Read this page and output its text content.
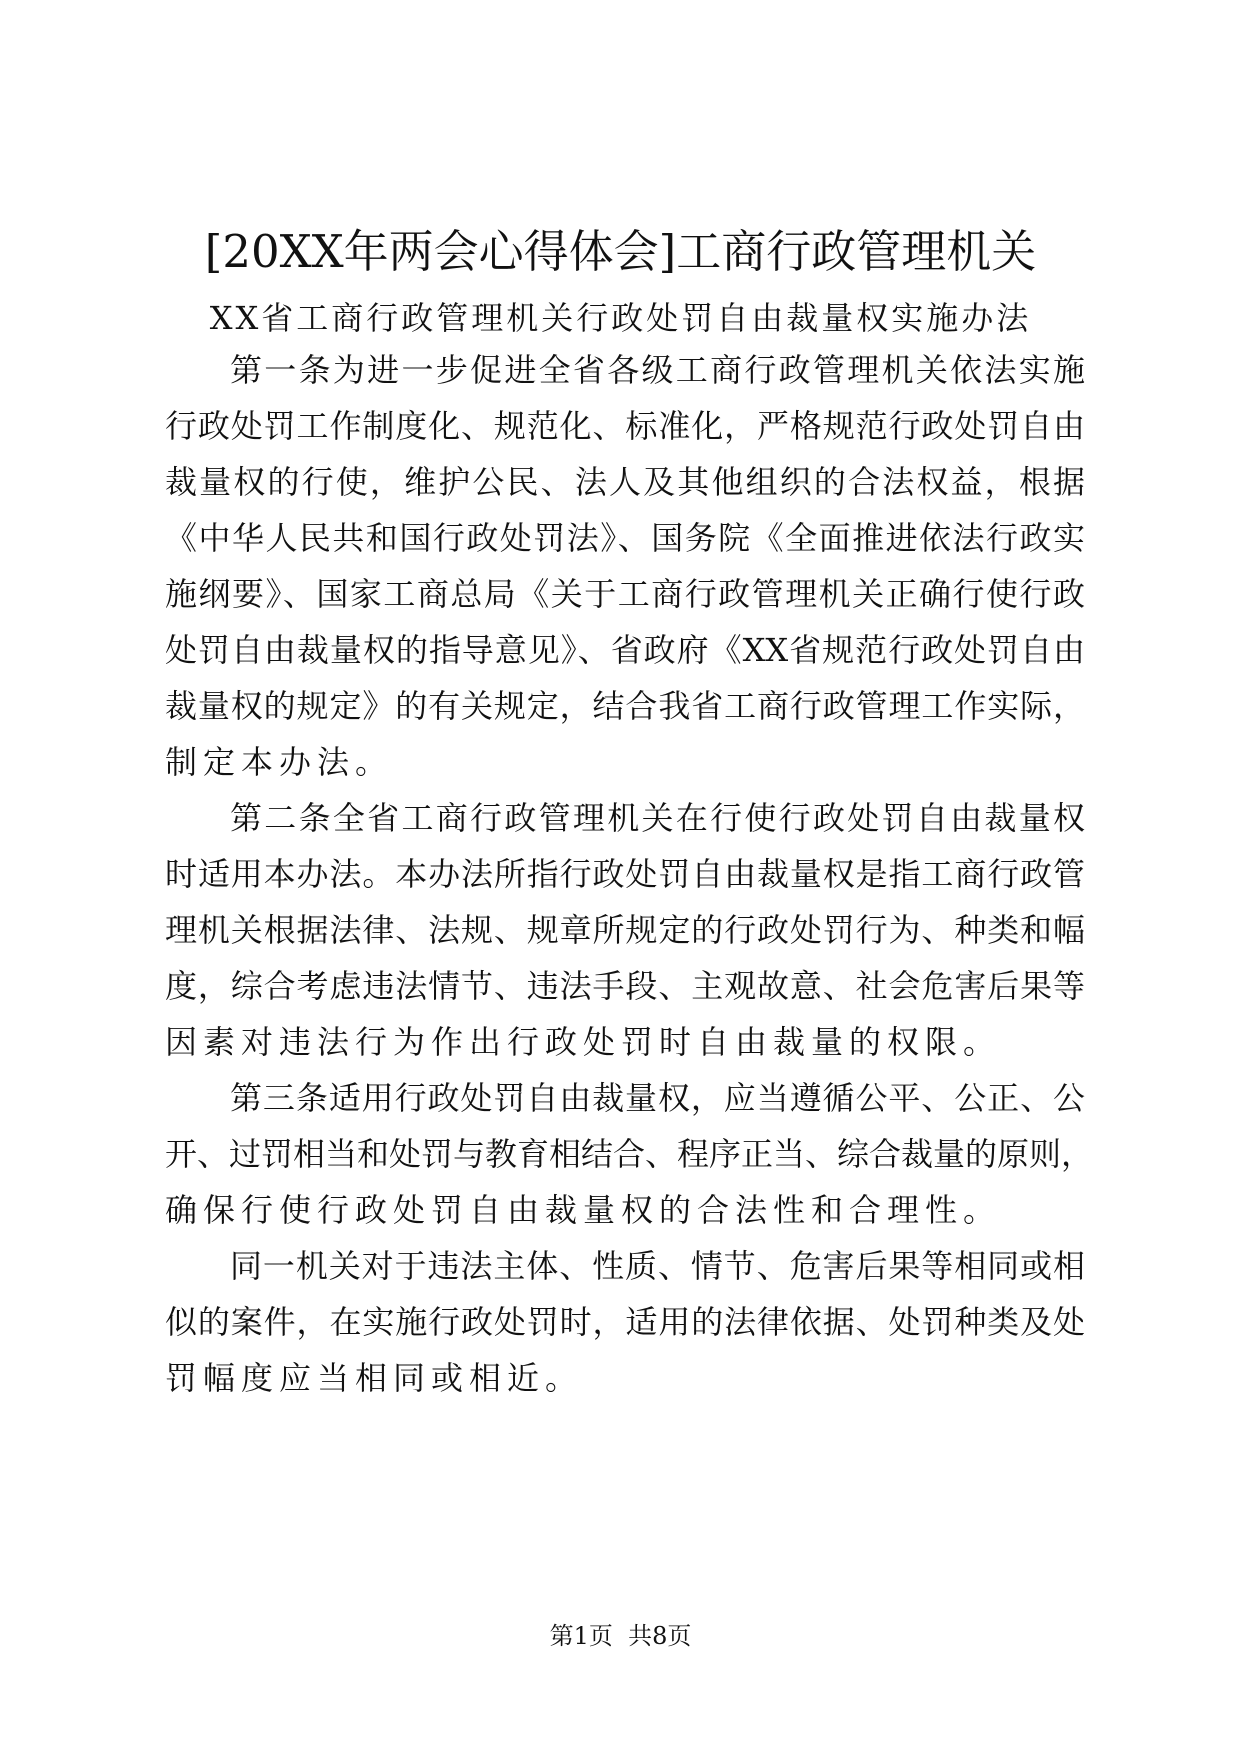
[20XX年两会心得体会]工商行政管理机关

XX省工商行政管理机关行政处罚自由裁量权实施办法

第一条为进一步促进全省各级工商行政管理机关依法实施

行政处罚工作制度化、规范化、标准化，严格规范行政处罚自由

裁量权的行使，维护公民、法人及其他组织的合法权益，根据

《中华人民共和国行政处罚法》、国务院《全面推进依法行政实

施纲要》、国家工商总局《关于工商行政管理机关正确行使行政

处罚自由裁量权的指导意见》、省政府《XX省规范行政处罚自由

裁量权的规定》的有关规定，结合我省工商行政管理工作实际，

制定本办法。

第二条全省工商行政管理机关在行使行政处罚自由裁量权

时适用本办法。本办法所指行政处罚自由裁量权是指工商行政管

理机关根据法律、法规、规章所规定的行政处罚行为、种类和幅

度，综合考虑违法情节、违法手段、主观故意、社会危害后果等

因素对违法行为作出行政处罚时自由裁量的权限。

第三条适用行政处罚自由裁量权，应当遵循公平、公正、公

开、过罚相当和处罚与教育相结合、程序正当、综合裁量的原则，

确保行使行政处罚自由裁量权的合法性和合理性。

同一机关对于违法主体、性质、情节、危害后果等相同或相

似的案件，在实施行政处罚时，适用的法律依据、处罚种类及处

罚幅度应当相同或相近。

第1页  共8页
